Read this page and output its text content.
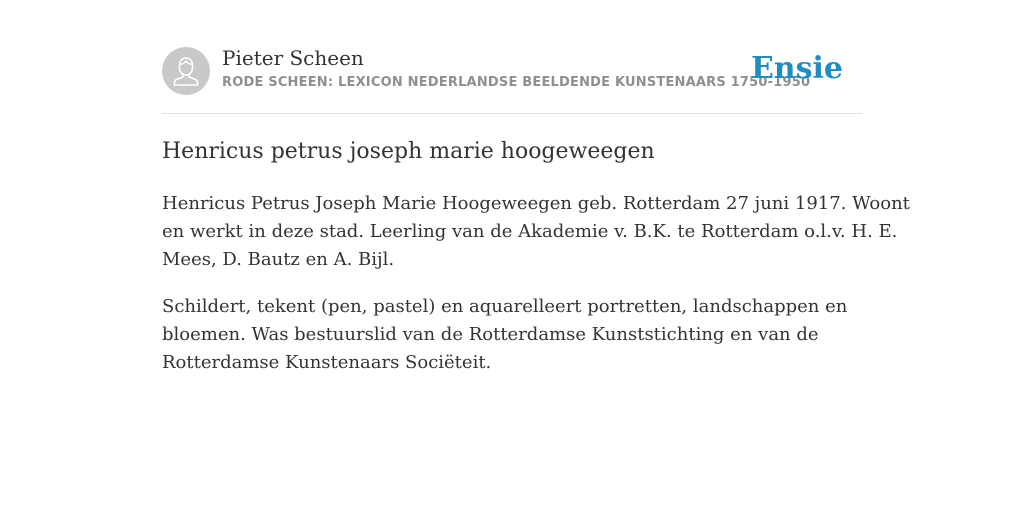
Pieter Scheen
RODE SCHEEN: LEXICON NEDERLANDSE BEELDENDE KUNSTENAARS 1750-1950
Ensie
Henricus petrus joseph marie hoogeweegen

Henricus Petrus Joseph Marie Hoogeweegen geb. Rotterdam 27 juni 1917. Woont
en werkt in deze stad. Leerling van de Akademie v. B.K. te Rotterdam o.l.v. H. E.
Mees, D. Bautz en A. Bijl.

Schildert, tekent (pen, pastel) en aquarelleert portretten, landschappen en
bloemen. Was bestuurslid van de Rotterdamse Kunststichting en van de
Rotterdamse Kunstenaars Sociëteit.
